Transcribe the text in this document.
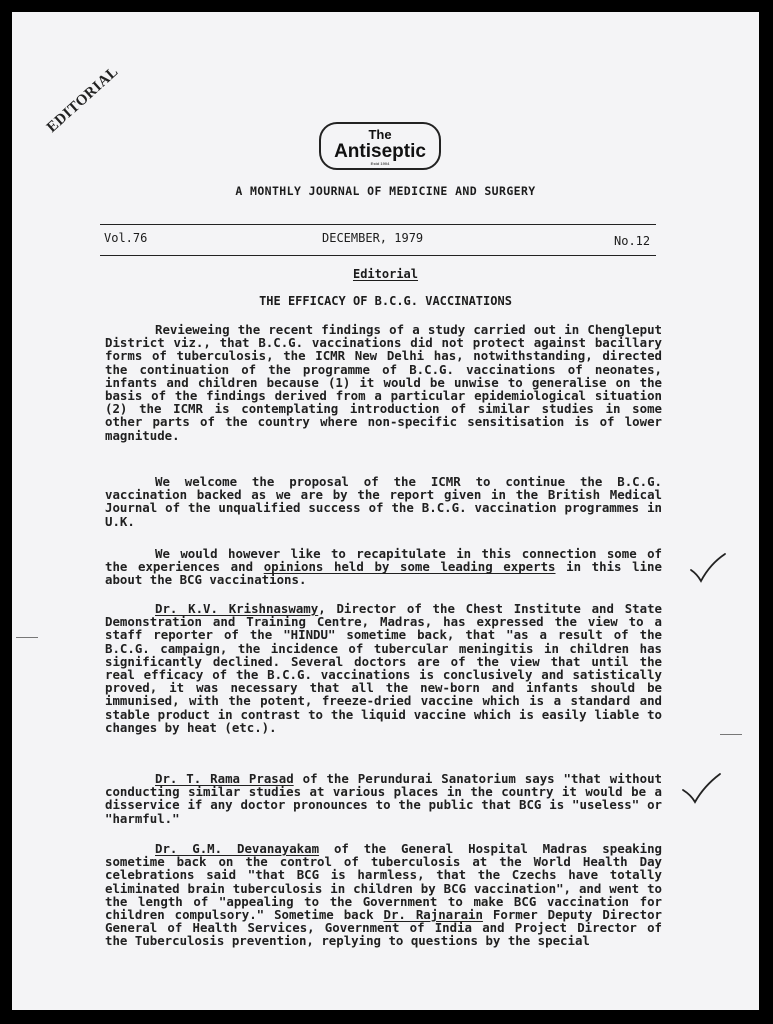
EDITORIAL	The
Antiseptic
Estd 1904
A MONTHLY JOURNAL OF MEDICINE AND SURGERY
Vol.76	DECEMBER, 1979	No.12
Editorial
THE EFFICACY OF B.C.G. VACCINATIONS

Revieweing the recent findings of a study carried out in Chengleput District viz., that B.C.G. vaccinations did not protect against bacillary forms of tuberculosis, the ICMR New Delhi has, notwithstanding, directed the continuation of the programme of B.C.G. vaccinations of neonates, infants and children because (1) it would be unwise to generalise on the basis of the findings derived from a particular epidemiological situation (2) the ICMR is contemplating introduction of similar studies in some other parts of the country where non-specific sensitisation is of lower magnitude.

We welcome the proposal of the ICMR to continue the B.C.G. vaccination backed as we are by the report given in the British Medical Journal of the unqualified success of the B.C.G. vaccination programmes in U.K.

We would however like to recapitulate in this connection some of the experiences and opinions held by some leading experts in this line about the BCG vaccinations.

Dr. K.V. Krishnaswamy, Director of the Chest Institute and State Demonstration and Training Centre, Madras, has expressed the view to a staff reporter of the "HINDU" sometime back, that "as a result of the B.C.G. campaign, the incidence of tubercular meningitis in children has significantly declined. Several doctors are of the view that until the real efficacy of the B.C.G. vaccinations is conclusively and satistically proved, it was necessary that all the new-born and infants should be immunised, with the potent, freeze-dried vaccine which is a standard and stable product in contrast to the liquid vaccine which is easily liable to changes by heat (etc.).

Dr. T. Rama Prasad of the Perundurai Sanatorium says "that without conducting similar studies at various places in the country it would be a disservice if any doctor pronounces to the public that BCG is "useless" or "harmful."

Dr. G.M. Devanayakam of the General Hospital Madras speaking sometime back on the control of tuberculosis at the World Health Day celebrations said "that BCG is harmless, that the Czechs have totally eliminated brain tuberculosis in children by BCG vaccination", and went to the length of "appealing to the Government to make BCG vaccination for children compulsory." Sometime back Dr. Rajnarain Former Deputy Director General of Health Services, Government of India and Project Director of the Tuberculosis prevention, replying to questions by the special
